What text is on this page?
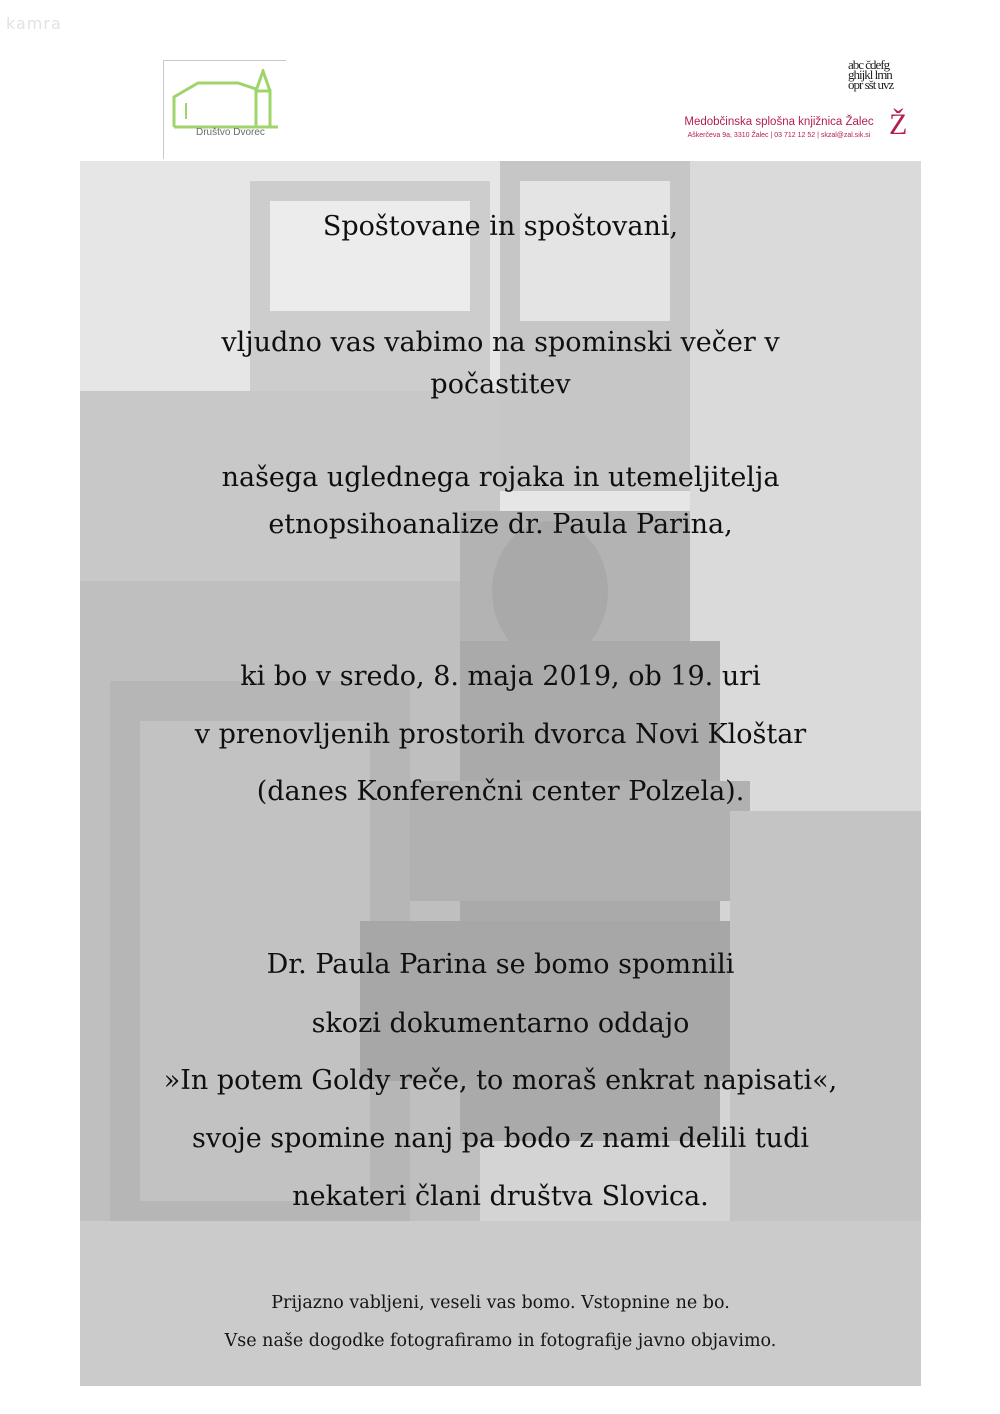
kamra
Društvo Dvorec
abc čdefg ghijkl lmn opr sšt uvz
Ž
Medobčinska splošna knjižnica Žalec
Aškerčeva 9a, 3310 Žalec | 03 712 12 52 | skzal@zal.sik.si
Spoštovane in spoštovani,
vljudno vas vabimo na spominski večer v
počastitev
našega uglednega rojaka in utemeljitelja
etnopsihoanalize dr. Paula Parina,
ki bo v sredo, 8. maja 2019, ob 19. uri
v prenovljenih prostorih dvorca Novi Kloštar
(danes Konferenčni center Polzela).
Dr. Paula Parina se bomo spomnili
skozi dokumentarno oddajo
»In potem Goldy reče, to moraš enkrat napisati«,
svoje spomine nanj pa bodo z nami delili tudi
nekateri člani društva Slovica.
Prijazno vabljeni, veseli vas bomo. Vstopnine ne bo.
Vse naše dogodke fotografiramo in fotografije javno objavimo.
